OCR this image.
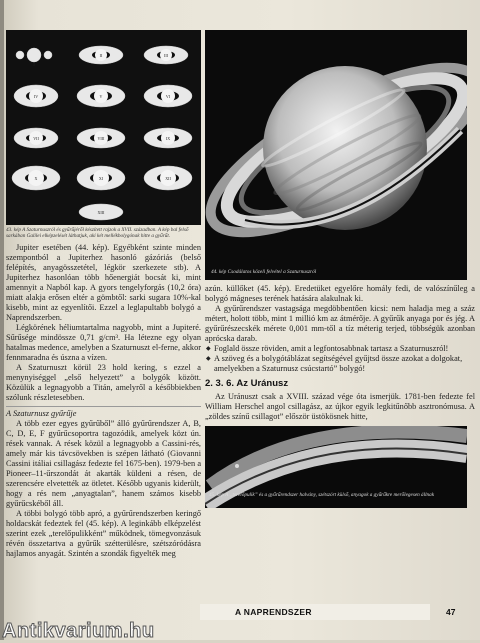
I
II	III
IV	V	VI
VII	VIII	IX
X	XI	XII
XIII
43. kép A Szaturnuszról és gyűrűjéről készített rajzok a XVII. században. A kép bal felső sarkában Galilei elképzelését láthatjuk, aki két mellékbolygónak hitte a gyűrűt.

Jupiter esetében (44. kép). Egyébként szinte minden szempontból a Jupiterhez hasonló gázóriás (belső felépítés, anyagösszetétel, légkör szerkezete stb). A Jupiterhez hasonlóan több hőenergiát bocsát ki, mint amennyit a Napból kap. A gyors tengelyforgás (10,2 óra) miatt alakja erősen eltér a gömbtől: sarki sugara 10%-kal kisebb, mint az egyenlítői. Ezzel a leglapultabb bolygó a Naprendszerben.

Légkörének héliumtartalma nagyobb, mint a Jupiteré. Sűrűsége mindössze 0,71 g/cm³. Ha létezne egy olyan hatalmas medence, amelyben a Szaturnuszt el-ferne, akkor fennmaradna és úszna a vízen.

A Szaturnuszt körül 23 hold kering, s ezzel a menynyiséggel „első helyezett” a bolygók között. Közülük a legnagyobb a Titán, amelyről a későbbiekben szólunk részletesebben.

A Szaturnusz gyűrűje

A több ezer egyes gyűrűből” álló gyűrűrendszer A, B, C, D, E, F gyűrűcsoportra tagozódik, amelyek közt ún. rések vannak. A rések közül a legnagyobb a Cassini-rés, amely már kis távcsövekben is szépen látható (Giovanni Cassini itáliai csillagász fedezte fel 1675-ben). 1979-ben a Pioneer–11-űrszondát át akarták küldeni a résen, de szerencsére elvetették az ötletet. Később ugyanis kiderült, hogy a rés nem „anyagtalan”, hanem számos kisebb gyűrűcskéből áll.

A többi bolygó több apró, a gyűrűrendszerben keringő holdacskát fedeztek fel (45. kép). A leginkább elképzelést szerint ezek „terelőpulikként” működnek, tömegvonzásuk révén összetartva a gyűrűk szétterülésre, szétszóródásra hajlamos anyagát. Szintén a szondák figyelték meg

44. kép Csodálatos közeli felvétel a Szaturnuszról

azún. küllőket (45. kép). Eredetüket egyelőre homály fedi, de valószínűleg a bolygó mágneses terének hatására alakulnak ki.

A gyűrűrendszer vastagsága megdöbbentően kicsi: nem haladja meg a száz métert, holott több, mint 1 millió km az átmérője. A gyűrűk anyaga por és jég. A gyűrűrészecskék mérete 0,001 mm-től a tíz méterig terjed, többségük azonban aprócska darab.

◆ Foglald össze röviden, amit a legfontosabbnak tartasz a Szaturnuszról!
◆ A szöveg és a bolygótáblázat segítségével gyűjtsd össze azokat a dolgokat, amelyekben a Szaturnusz csúcstartó” bolygó!
2. 3. 6. Az Uránusz

Az Uránuszt csak a XVIII. század vége óta ismerjük. 1781-ben fedezte fel William Herschel angol csillagász, az újkor egyik legkitűnőbb asztronómusa. A „zöldes színű csillagot” először üstökösnek hitte,

45. kép A „terelőpulik” és a gyűrűrendszer halvány, szétszórt külső, anyagok a gyűrűkre merőlegesen állnak
A NAPRENDSZER	47
Antikvarium.hu
